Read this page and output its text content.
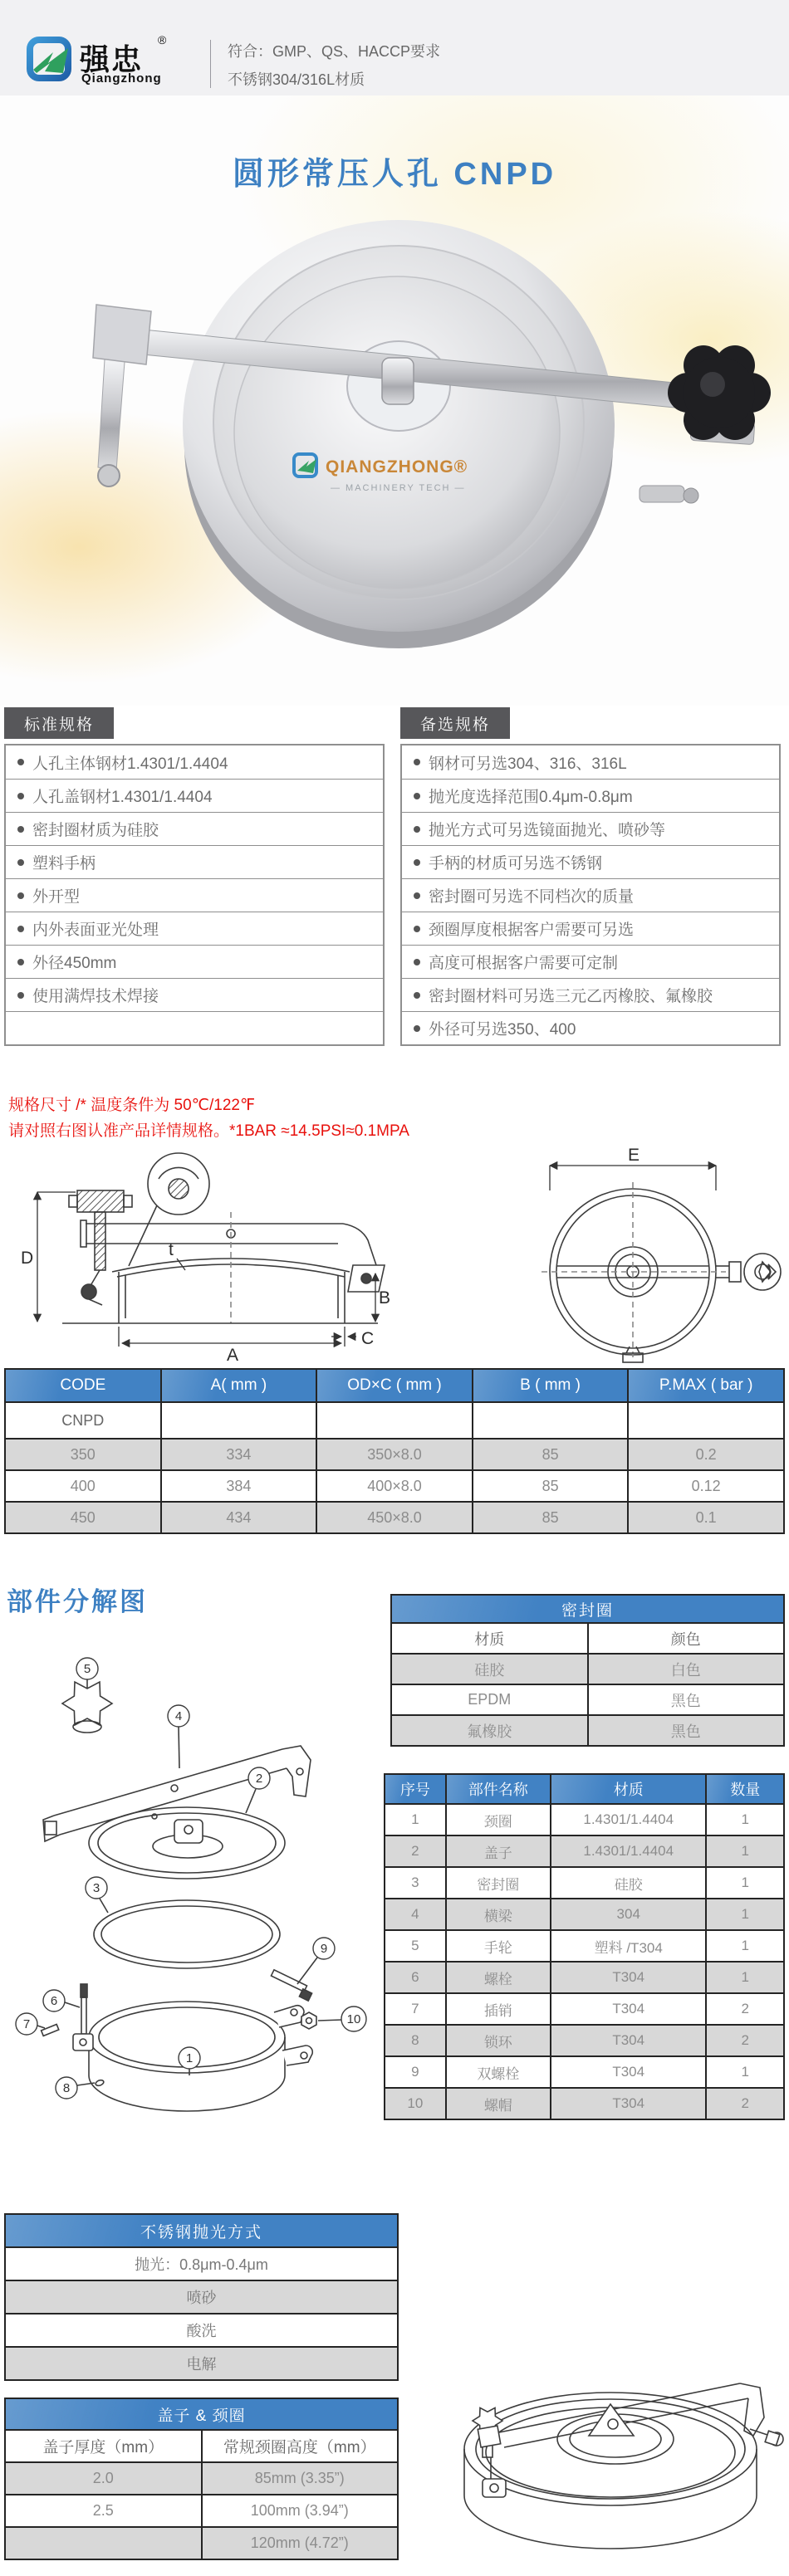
强忠
®
Qiangzhong
符合：GMP、QS、HACCP要求
不锈钢304/316L材质
圆形常压人孔 CNPD
QIANGZHONG®
— MACHINERY TECH —
标准规格
人孔主体钢材1.4301/1.4404
人孔盖钢材1.4301/1.4404
密封圈材质为硅胶
塑料手柄
外开型
内外表面亚光处理
外径450mm
使用满焊技术焊接
备选规格
钢材可另选304、316、316L
抛光度选择范围0.4μm-0.8μm
抛光方式可另选镜面抛光、喷砂等
手柄的材质可另选不锈钢
密封圈可另选不同档次的质量
颈圈厚度根据客户需要可另选
高度可根据客户需要可定制
密封圈材料可另选三元乙丙橡胶、氟橡胶
外径可另选350、400
规格尺寸 /* 温度条件为 50℃/122℉
请对照右图认准产品详情规格。*1BAR ≈14.5PSI≈0.1MPA
D	t
B
C
A
E
CODE	A( mm )	OD×C ( mm )	B ( mm )	P.MAX ( bar )
CNPD				
350	334	350×8.0	85	0.2
400	384	400×8.0	85	0.12
450	434	450×8.0	85	0.1
部件分解图	密封圈	
材质	颜色
硅胶	白色
EPDM	黑色
氟橡胶	黑色
序号	部件名称	材质	数量
1	颈圈	1.4301/1.4404	1
2	盖子	1.4301/1.4404	1
3	密封圈	硅胶	1
4	横梁	304	1
5	手轮	塑料 /T304	1
6	螺栓	T304	1
7	插销	T304	2
8	锁环	T304	2
9	双螺栓	T304	1
10	螺帽	T304	2
1
2
3
4
5
6
7
8
9
10
不锈钢抛光方式
抛光：0.8μm-0.4μm
喷砂
酸洗
电解
盖子 & 颈圈	
盖子厚度（mm）	常规颈圈高度（mm）
2.0	85mm (3.35”)
2.5	100mm (3.94”)
	120mm (4.72”)
